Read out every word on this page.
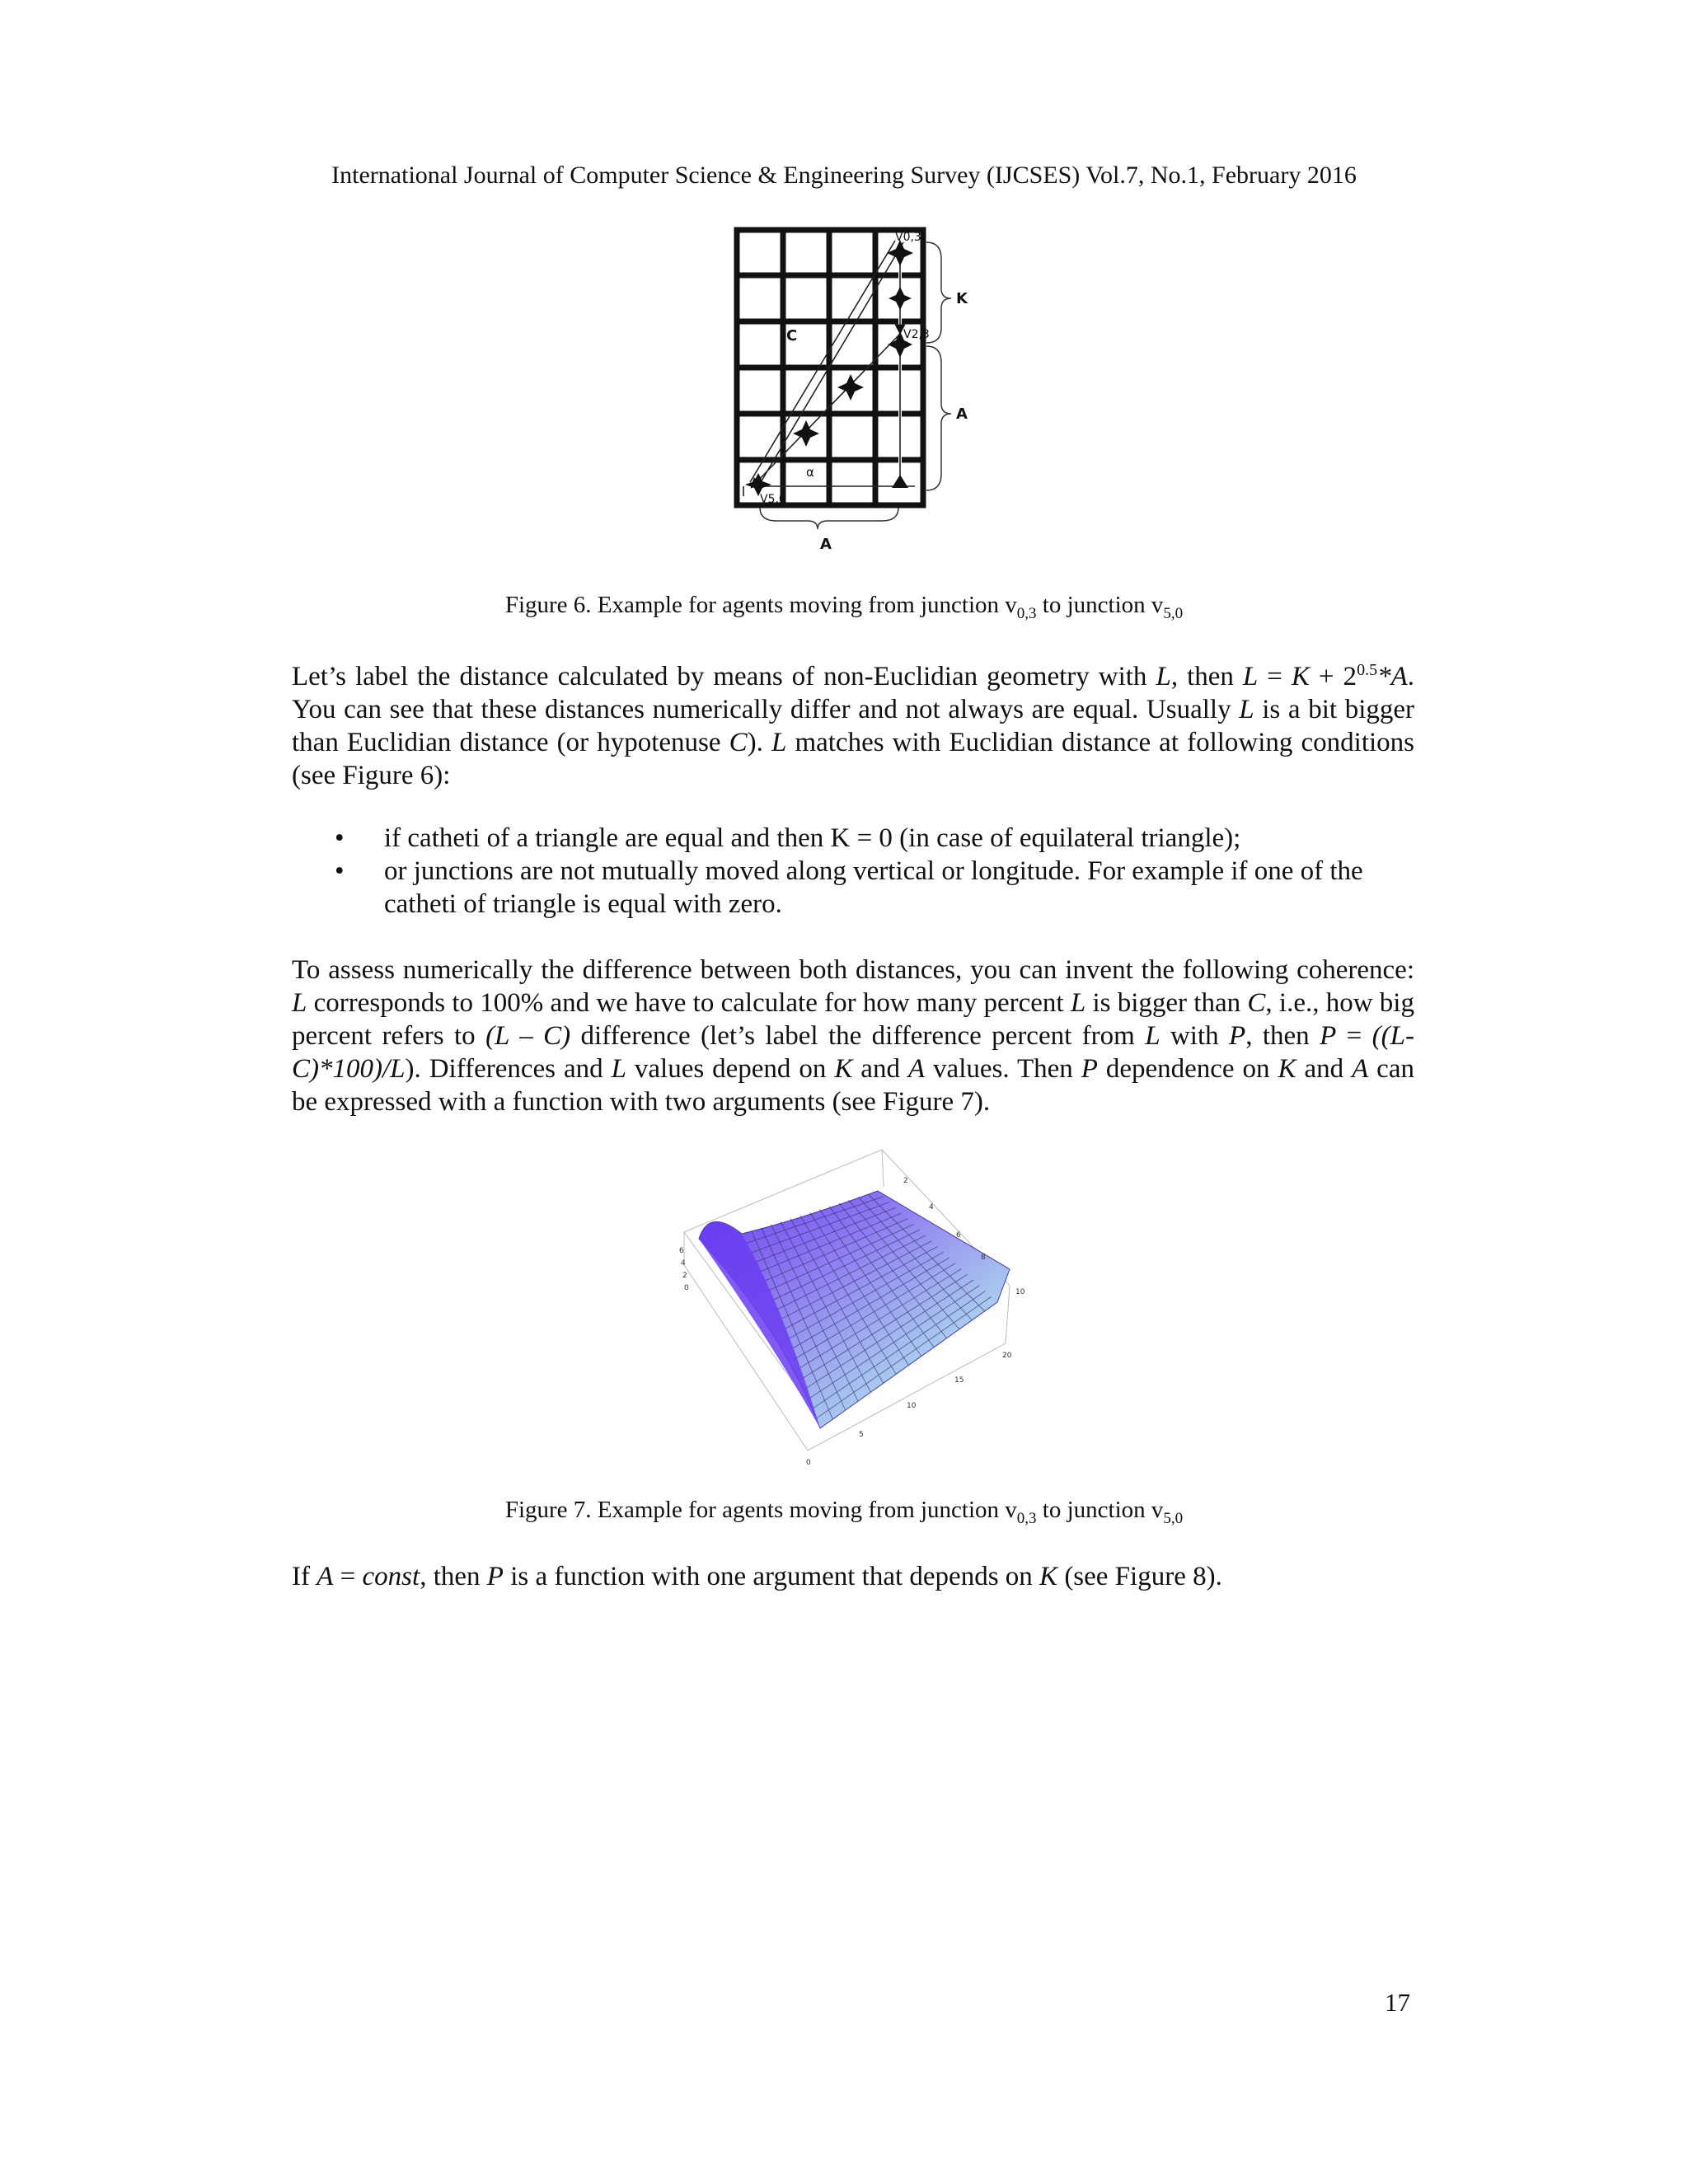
International Journal of Computer Science & Engineering Survey (IJCSES) Vol.7, No.1, February 2016
V0,3
V2,3
V5,0
C
α
K
A
A
Figure 6. Example for agents moving from junction $v_{0,3}$ to junction $v_{5,0}$
Let’s label the distance calculated by means of non-Euclidian geometry with L, then $L = K + 2^{0.5}*A$. You can see that these distances numerically differ and not always are equal. Usually L is a bit bigger than Euclidian distance (or hypotenuse C). L matches with Euclidian distance at following conditions (see Figure 6):
• if catheti of a triangle are equal and then K = 0 (in case of equilateral triangle);
• or junctions are not mutually moved along vertical or longitude. For example if one of the catheti of triangle is equal with zero.
To assess numerically the difference between both distances, you can invent the following coherence: L corresponds to 100% and we have to calculate for how many percent L is bigger than C, i.e., how big percent refers to (L – C) difference (let’s label the difference percent from L with P, then P = ((L-C)*100)/L). Differences and L values depend on K and A values. Then P dependence on K and A can be expressed with a function with two arguments (see Figure 7).
6
4
2
0
2
4
6
8
10
0
5
10
15
20
Figure 7. Example for agents moving from junction $v_{0,3}$ to junction $v_{5,0}$
If A = const, then P is a function with one argument that depends on K (see Figure 8).
17
